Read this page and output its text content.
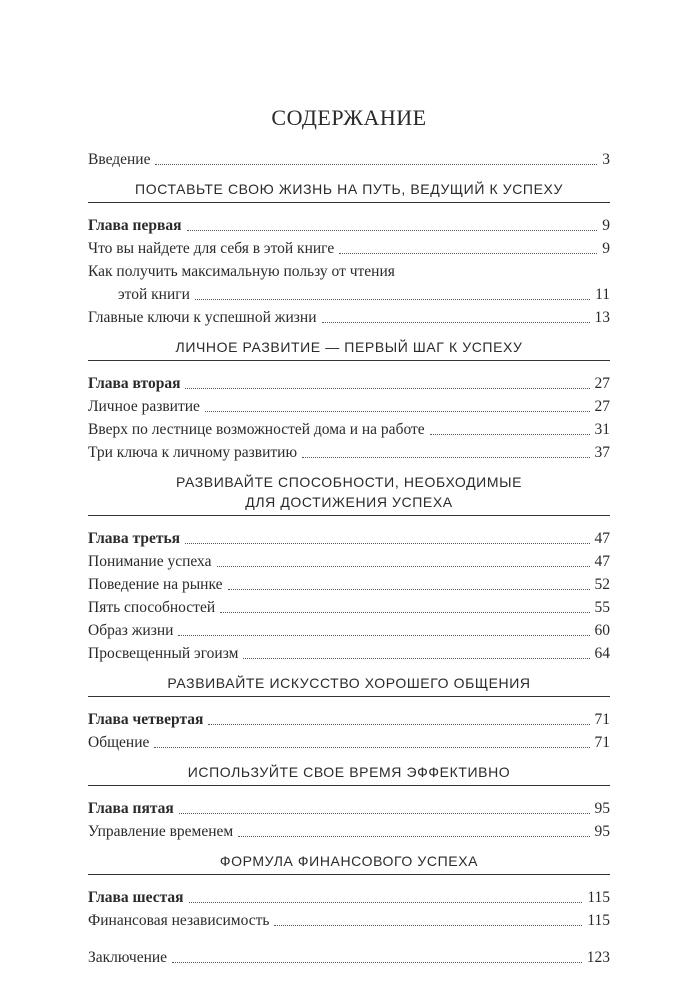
СОДЕРЖАНИЕ
Введение	3
ПОСТАВЬТЕ СВОЮ ЖИЗНЬ НА ПУТЬ, ВЕДУЩИЙ К УСПЕХУ
Глава первая	9
Что вы найдете для себя в этой книге	9
Как получить максимальную пользу от чтения
этой книги	11
Главные ключи к успешной жизни	13
ЛИЧНОЕ РАЗВИТИЕ — ПЕРВЫЙ ШАГ К УСПЕХУ
Глава вторая	27
Личное развитие	27
Вверх по лестнице возможностей дома и на работе	31
Три ключа к личному развитию	37
РАЗВИВАЙТЕ СПОСОБНОСТИ, НЕОБХОДИМЫЕ
ДЛЯ ДОСТИЖЕНИЯ УСПЕХА
Глава третья	47
Понимание успеха	47
Поведение на рынке	52
Пять способностей	55
Образ жизни	60
Просвещенный эгоизм	64
РАЗВИВАЙТЕ ИСКУССТВО ХОРОШЕГО ОБЩЕНИЯ
Глава четвертая	71
Общение	71
ИСПОЛЬЗУЙТЕ СВОЕ ВРЕМЯ ЭФФЕКТИВНО
Глава пятая	95
Управление временем	95
ФОРМУЛА ФИНАНСОВОГО УСПЕХА
Глава шестая	115
Финансовая независимость	115
Заключение	123
